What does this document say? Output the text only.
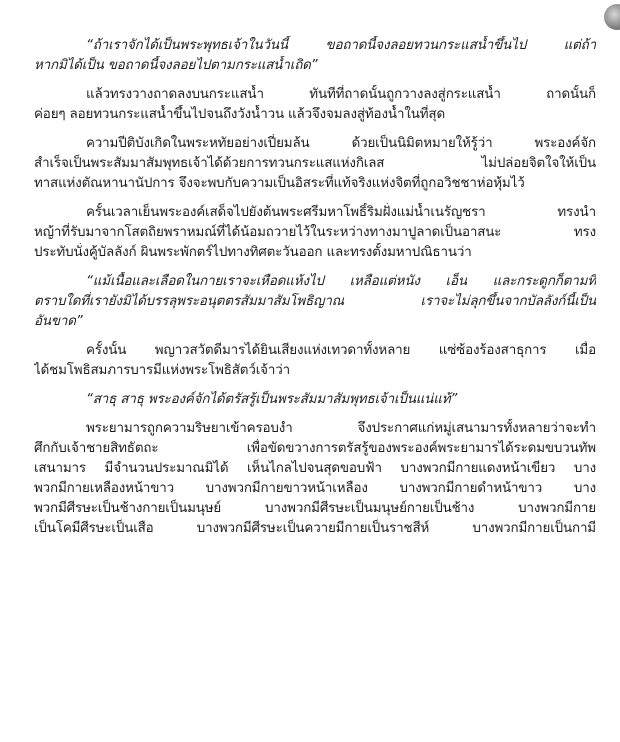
“ถ้าเราจักได้เป็นพระพุทธเจ้าในวันนี้ ขอถาดนี้จงลอยทวนกระแสน้ำขึ้นไป แต่ถ้า
หากมิได้เป็น ขอถาดนี้จงลอยไปตามกระแสน้ำเถิด”
แล้วทรงวางถาดลงบนกระแสน้ำ ทันทีที่ถาดนั้นถูกวางลงสู่กระแสน้ำ ถาดนั้นก็
ค่อยๆ ลอยทวนกระแสน้ำขึ้นไปจนถึงวังน้ำวน แล้วจึงจมลงสู่ท้องน้ำในที่สุด
ความปีติบังเกิดในพระหทัยอย่างเปี่ยมล้น ด้วยเป็นนิมิตหมายให้รู้ว่า พระองค์จัก
สำเร็จเป็นพระสัมมาสัมพุทธเจ้าได้ด้วยการทวนกระแสแห่งกิเลส ไม่ปล่อยจิตใจให้เป็น
ทาสแห่งตัณหานานัปการ จึงจะพบกับความเป็นอิสระที่แท้จริงแห่งจิตที่ถูกอวิชชาห่อหุ้มไว้
ครั้นเวลาเย็นพระองค์เสด็จไปยังต้นพระศรีมหาโพธิ์ริมฝั่งแม่น้ำเนรัญชรา ทรงนำ
หญ้าที่รับมาจากโสตถิยพราหมณ์ที่ได้น้อมถวายไว้ในระหว่างทางมาปูลาดเป็นอาสนะ ทรง
ประทับนั่งคู้บัลลังก์ ผินพระพักตร์ไปทางทิศตะวันออก และทรงตั้งมหาปณิธานว่า
“แม้เนื้อและเลือดในกายเราจะเหือดแห้งไป เหลือแต่หนัง เอ็น และกระดูกก็ตามที
ตราบใดที่เรายังมิได้บรรลุพระอนุตตรสัมมาสัมโพธิญาณ เราจะไม่ลุกขึ้นจากบัลลังก์นี้เป็น
อันขาด”
ครั้งนั้น พญาวสวัตดีมารได้ยินเสียงแห่งเทวดาทั้งหลาย แซ่ซ้องร้องสาธุการ เมื่อ
ได้ชมโพธิสมภารบารมีแห่งพระโพธิสัตว์เจ้าว่า
“สาธุ สาธุ พระองค์จักได้ตรัสรู้เป็นพระสัมมาสัมพุทธเจ้าเป็นแน่แท้”
พระยามารถูกความริษยาเข้าครอบงำ จึงประกาศแก่หมู่เสนามารทั้งหลายว่าจะทำ
ศึกกับเจ้าชายสิทธัตถะ เพื่อขัดขวางการตรัสรู้ของพระองค์พระยามารได้ระดมขบวนทัพ
เสนามาร มีจำนวนประมาณมิได้ เห็นไกลไปจนสุดขอบฟ้า บางพวกมีกายแดงหน้าเขียว บาง
พวกมีกายเหลืองหน้าขาว บางพวกมีกายขาวหน้าเหลือง บางพวกมีกายดำหน้าขาว บาง
พวกมีศีรษะเป็นช้างกายเป็นมนุษย์ บางพวกมีศีรษะเป็นมนุษย์กายเป็นช้าง บางพวกมีกาย
เป็นโคมีศีรษะเป็นเสือ บางพวกมีศีรษะเป็นควายมีกายเป็นราชสีห์ บางพวกมีกายเป็นกามี
